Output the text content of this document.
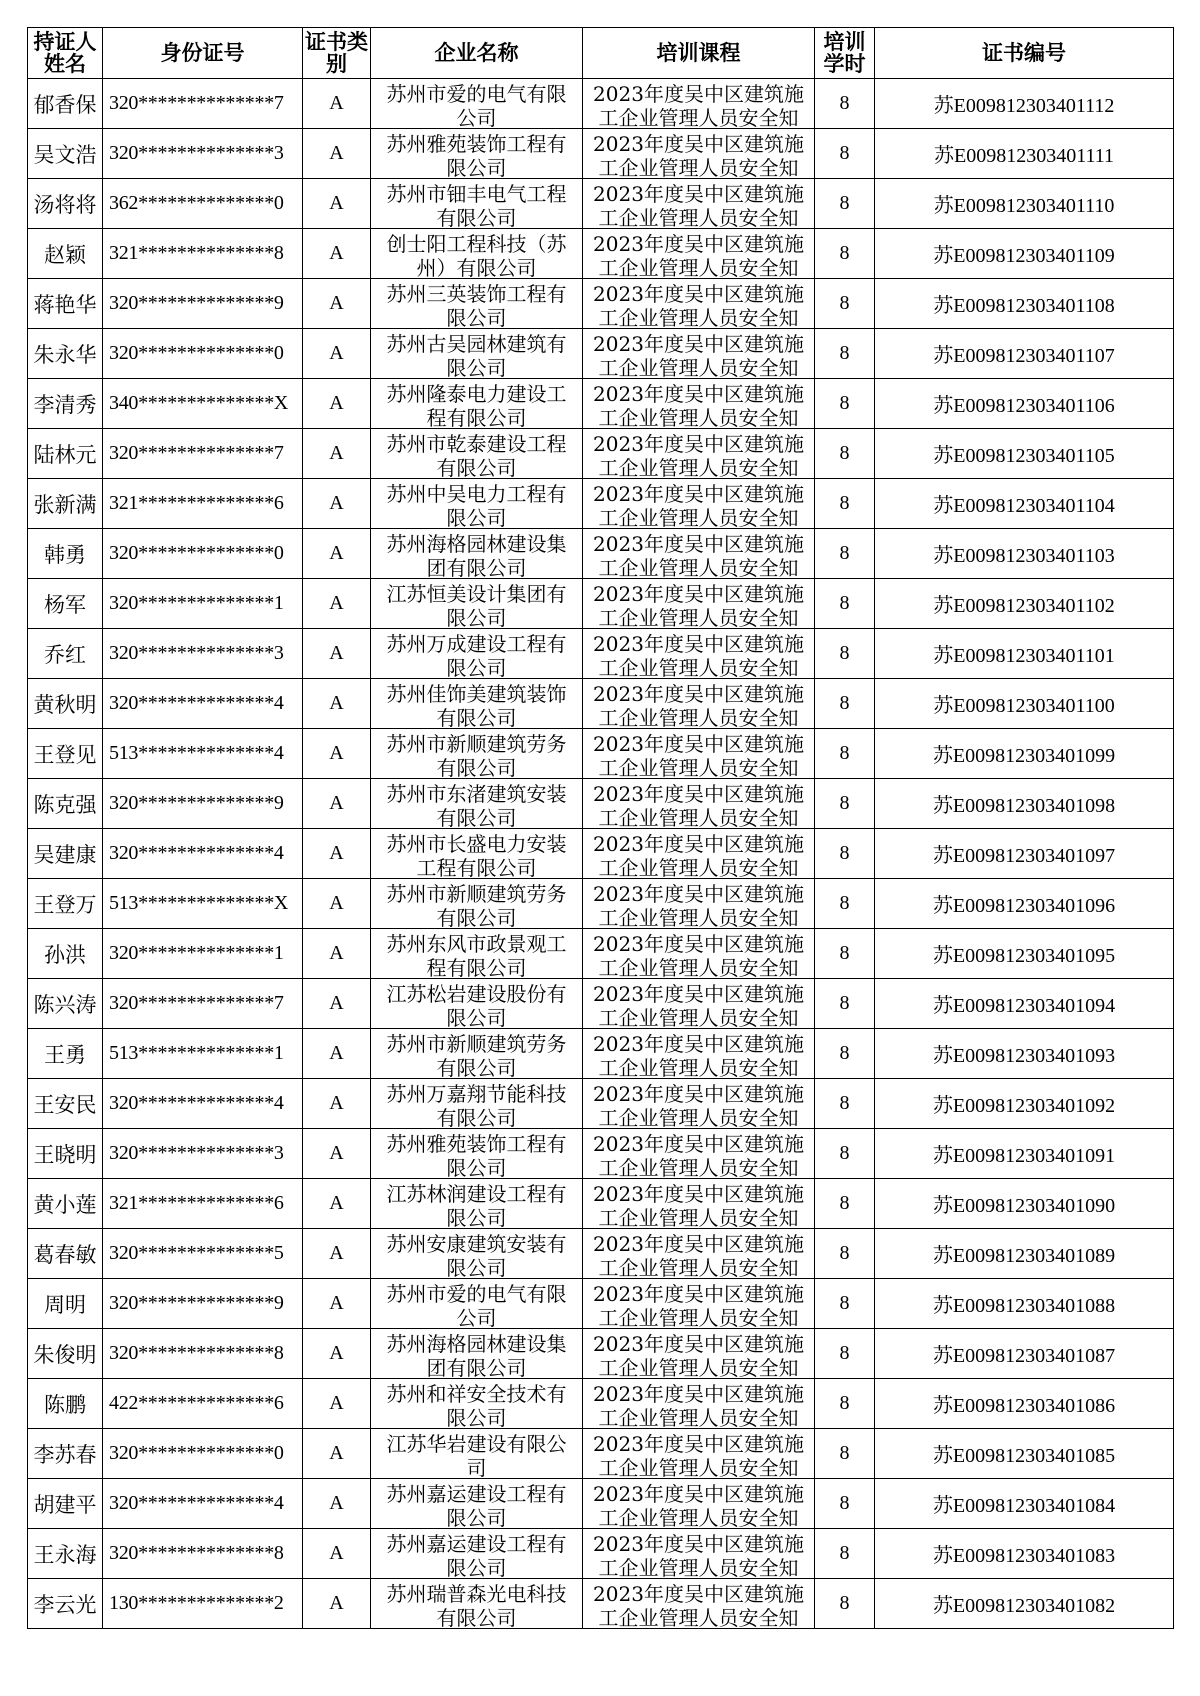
持证人姓名	身份证号	证书类别	企业名称	培训课程	培训学时	证书编号
郁香保	320**************7	A	苏州市爱的电气有限公司	2023年度吴中区建筑施工企业管理人员安全知	8	苏E009812303401112
吴文浩	320**************3	A	苏州雅苑装饰工程有限公司	2023年度吴中区建筑施工企业管理人员安全知	8	苏E009812303401111
汤将将	362**************0	A	苏州市钿丰电气工程有限公司	2023年度吴中区建筑施工企业管理人员安全知	8	苏E009812303401110
赵颖	321**************8	A	创士阳工程科技（苏州）有限公司	2023年度吴中区建筑施工企业管理人员安全知	8	苏E009812303401109
蒋艳华	320**************9	A	苏州三英装饰工程有限公司	2023年度吴中区建筑施工企业管理人员安全知	8	苏E009812303401108
朱永华	320**************0	A	苏州古吴园林建筑有限公司	2023年度吴中区建筑施工企业管理人员安全知	8	苏E009812303401107
李清秀	340**************X	A	苏州隆泰电力建设工程有限公司	2023年度吴中区建筑施工企业管理人员安全知	8	苏E009812303401106
陆林元	320**************7	A	苏州市乾泰建设工程有限公司	2023年度吴中区建筑施工企业管理人员安全知	8	苏E009812303401105
张新满	321**************6	A	苏州中吴电力工程有限公司	2023年度吴中区建筑施工企业管理人员安全知	8	苏E009812303401104
韩勇	320**************0	A	苏州海格园林建设集团有限公司	2023年度吴中区建筑施工企业管理人员安全知	8	苏E009812303401103
杨军	320**************1	A	江苏恒美设计集团有限公司	2023年度吴中区建筑施工企业管理人员安全知	8	苏E009812303401102
乔红	320**************3	A	苏州万成建设工程有限公司	2023年度吴中区建筑施工企业管理人员安全知	8	苏E009812303401101
黄秋明	320**************4	A	苏州佳饰美建筑装饰有限公司	2023年度吴中区建筑施工企业管理人员安全知	8	苏E009812303401100
王登见	513**************4	A	苏州市新顺建筑劳务有限公司	2023年度吴中区建筑施工企业管理人员安全知	8	苏E009812303401099
陈克强	320**************9	A	苏州市东渚建筑安装有限公司	2023年度吴中区建筑施工企业管理人员安全知	8	苏E009812303401098
吴建康	320**************4	A	苏州市长盛电力安装工程有限公司	2023年度吴中区建筑施工企业管理人员安全知	8	苏E009812303401097
王登万	513**************X	A	苏州市新顺建筑劳务有限公司	2023年度吴中区建筑施工企业管理人员安全知	8	苏E009812303401096
孙洪	320**************1	A	苏州东风市政景观工程有限公司	2023年度吴中区建筑施工企业管理人员安全知	8	苏E009812303401095
陈兴涛	320**************7	A	江苏松岩建设股份有限公司	2023年度吴中区建筑施工企业管理人员安全知	8	苏E009812303401094
王勇	513**************1	A	苏州市新顺建筑劳务有限公司	2023年度吴中区建筑施工企业管理人员安全知	8	苏E009812303401093
王安民	320**************4	A	苏州万嘉翔节能科技有限公司	2023年度吴中区建筑施工企业管理人员安全知	8	苏E009812303401092
王晓明	320**************3	A	苏州雅苑装饰工程有限公司	2023年度吴中区建筑施工企业管理人员安全知	8	苏E009812303401091
黄小莲	321**************6	A	江苏林润建设工程有限公司	2023年度吴中区建筑施工企业管理人员安全知	8	苏E009812303401090
葛春敏	320**************5	A	苏州安康建筑安装有限公司	2023年度吴中区建筑施工企业管理人员安全知	8	苏E009812303401089
周明	320**************9	A	苏州市爱的电气有限公司	2023年度吴中区建筑施工企业管理人员安全知	8	苏E009812303401088
朱俊明	320**************8	A	苏州海格园林建设集团有限公司	2023年度吴中区建筑施工企业管理人员安全知	8	苏E009812303401087
陈鹏	422**************6	A	苏州和祥安全技术有限公司	2023年度吴中区建筑施工企业管理人员安全知	8	苏E009812303401086
李苏春	320**************0	A	江苏华岩建设有限公司	2023年度吴中区建筑施工企业管理人员安全知	8	苏E009812303401085
胡建平	320**************4	A	苏州嘉运建设工程有限公司	2023年度吴中区建筑施工企业管理人员安全知	8	苏E009812303401084
王永海	320**************8	A	苏州嘉运建设工程有限公司	2023年度吴中区建筑施工企业管理人员安全知	8	苏E009812303401083
李云光	130**************2	A	苏州瑞普森光电科技有限公司	2023年度吴中区建筑施工企业管理人员安全知	8	苏E009812303401082
